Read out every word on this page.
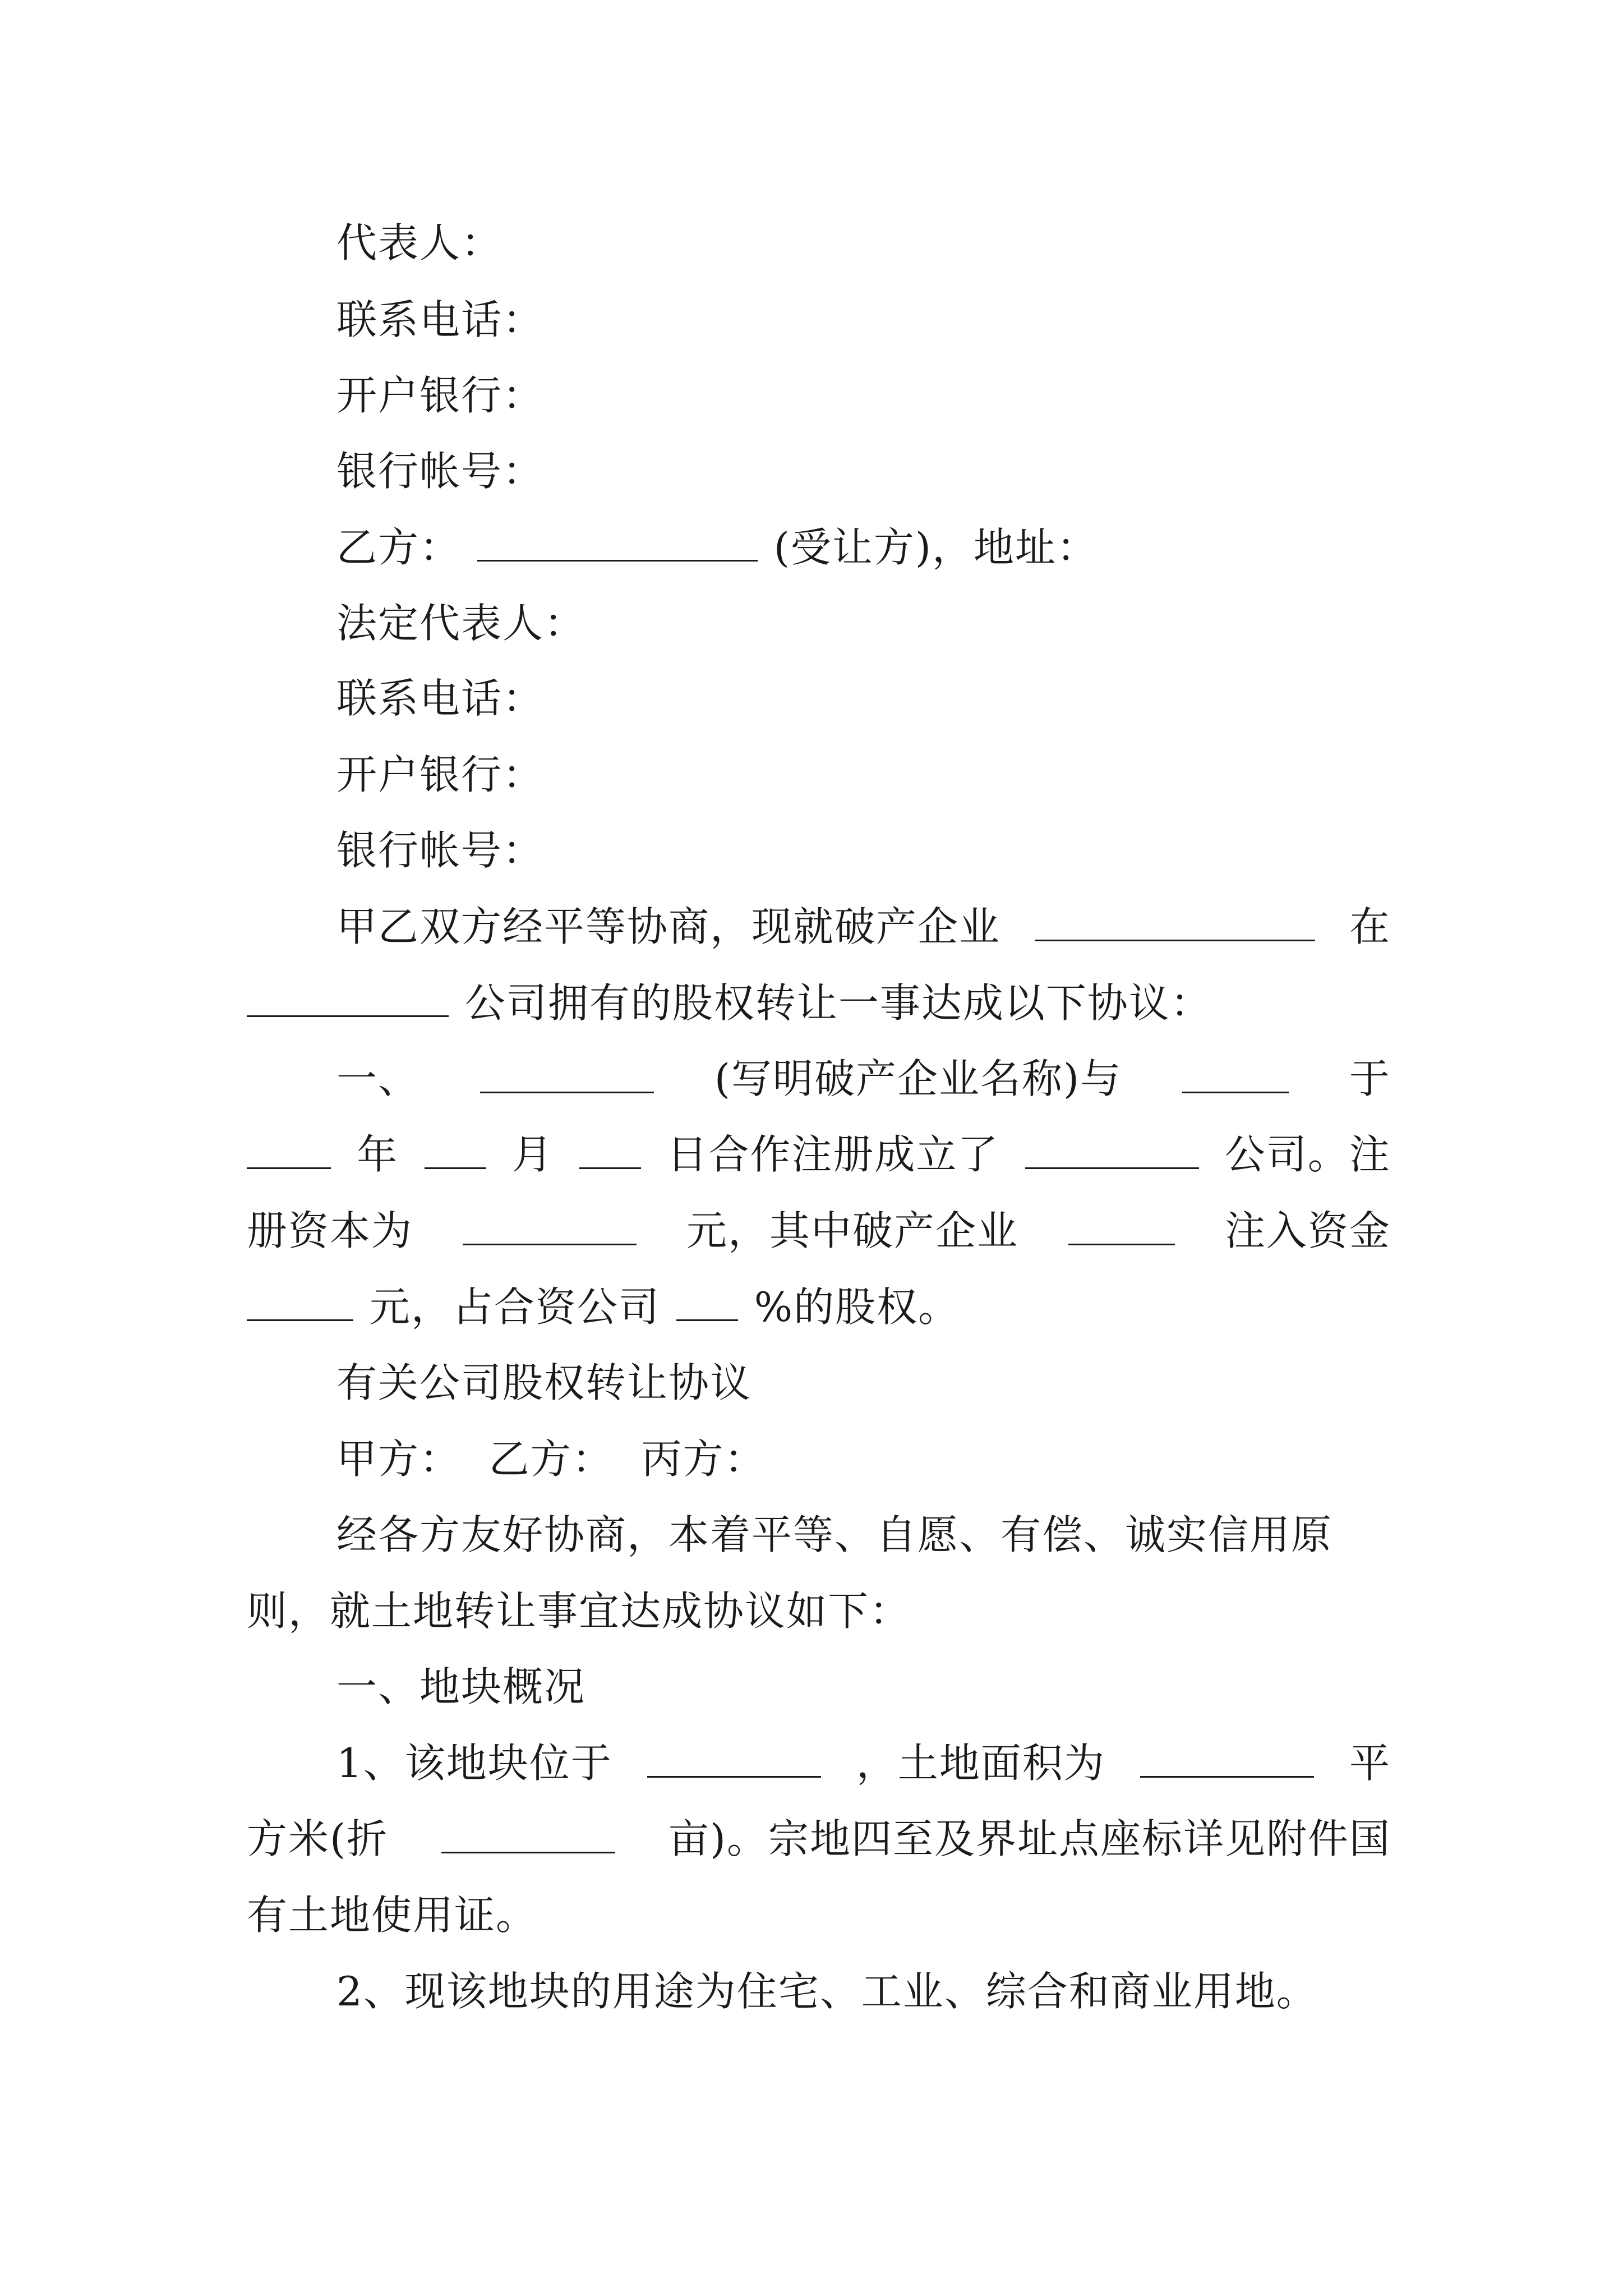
代表人：
联系电话：
开户银行：
银行帐号：
乙方：	(受让方)，地址：
法定代表人：
联系电话：
开户银行：
银行帐号：
甲乙双方经平等协商，现就破产企业	在
公司拥有的股权转让一事达成以下协议：
一、	(写明破产企业名称)与	于
年	月	日合作注册成立了	公司。注
册资本为	元，其中破产企业	注入资金
元，占合资公司 %的股权。
有关公司股权转让协议
甲方：  乙方：  丙方：
经各方友好协商，本着平等、自愿、有偿、诚实信用原
则，就土地转让事宜达成协议如下：
一、地块概况
1、该地块位于	，土地面积为	平
方米(折	亩)。宗地四至及界址点座标详见附件国
有土地使用证。
2、现该地块的用途为住宅、工业、综合和商业用地。
